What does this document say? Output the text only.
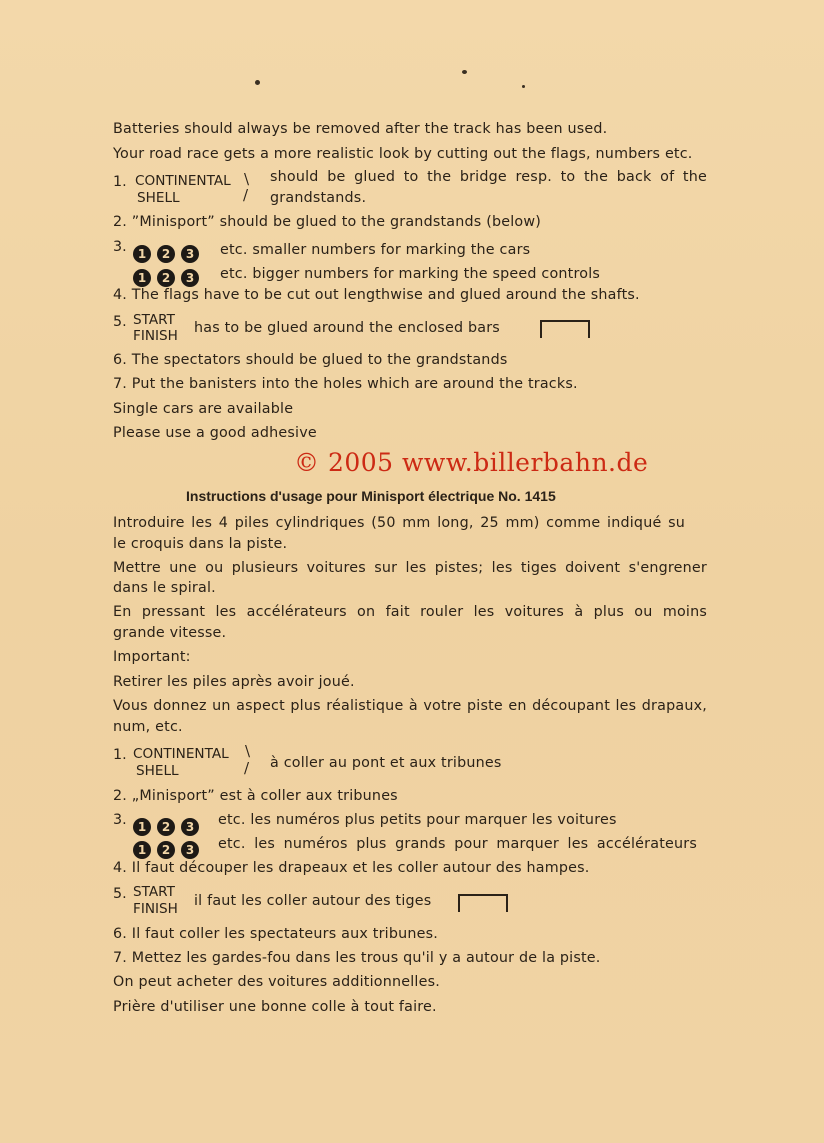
Batteries should always be removed after the track has been used.
Your road race gets a more realistic look by cutting out the flags, numbers etc.
1. CONTINENTAL
SHELL
\
/
should be glued to the bridge resp. to the back of the
grandstands.
2. ”Minisport” should be glued to the grandstands (below)
3. 1 2 3	etc. smaller numbers for marking the cars
1 2 3	etc. bigger numbers for marking the speed controls
4. The flags have to be cut out lengthwise and glued around the shafts.
5. START
FINISH has to be glued around the enclosed bars
6. The spectators should be glued to the grandstands
7. Put the banisters into the holes which are around the tracks.
Single cars are available
Please use a good adhesive
© 2005 www.billerbahn.de
Instructions d'usage pour Minisport électrique No. 1415
Introduire les 4 piles cylindriques (50 mm long, 25 mm) comme indiqué su
le croquis dans la piste.
Mettre une ou plusieurs voitures sur les pistes; les tiges doivent s'engrener
dans le spiral.
En pressant les accélérateurs on fait rouler les voitures à plus ou moins
grande vitesse.
Important:
Retirer les piles après avoir joué.
Vous donnez un aspect plus réalistique à votre piste en découpant les drapaux,
num, etc.
1. CONTINENTAL
SHELL
\
/ à coller au pont et aux tribunes
2. „Minisport” est à coller aux tribunes
3. 1 2 3	etc. les numéros plus petits pour marquer les voitures
1 2 3	etc. les numéros plus grands pour marquer les accélérateurs
4. Il faut découper les drapeaux et les coller autour des hampes.
5. START
FINISH il faut les coller autour des tiges
6. Il faut coller les spectateurs aux tribunes.
7. Mettez les gardes-fou dans les trous qu'il y a autour de la piste.
On peut acheter des voitures additionnelles.
Prière d'utiliser une bonne colle à tout faire.
